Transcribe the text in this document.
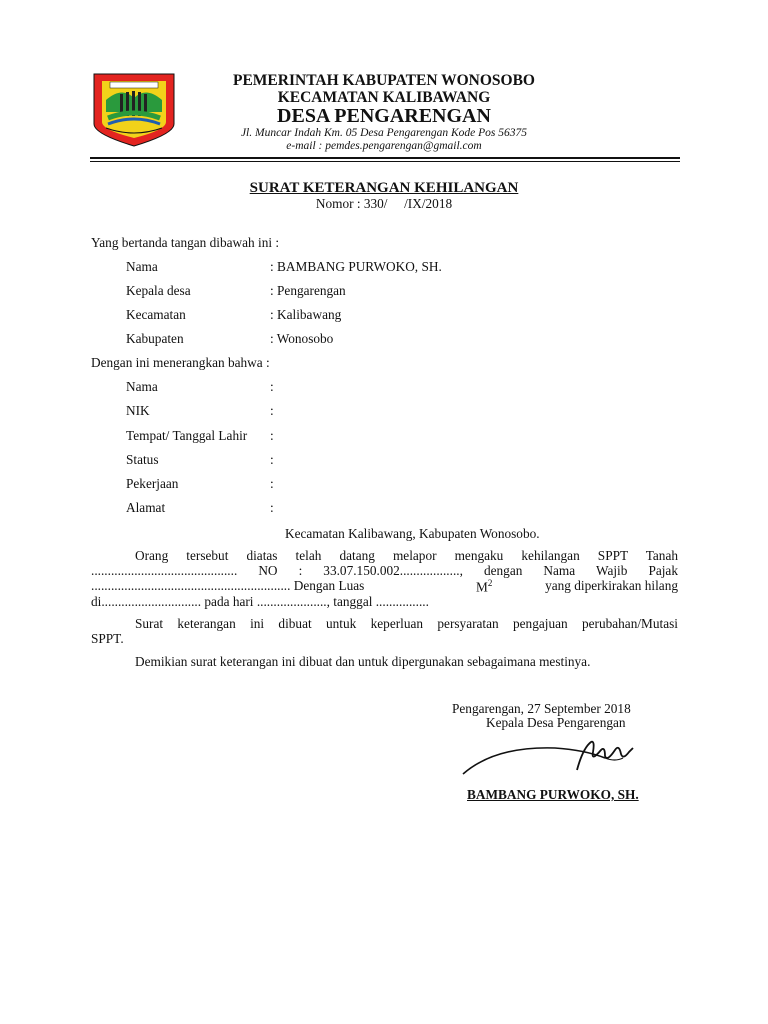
PEMERINTAH KABUPATEN WONOSOBO
KECAMATAN KALIBAWANG
DESA PENGARENGAN
Jl. Muncar Indah Km. 05 Desa Pengarengan Kode Pos 56375
e-mail : pemdes.pengarengan@gmail.com
SURAT KETERANGAN KEHILANGAN
Nomor : 330/     /IX/2018
Yang bertanda tangan dibawah ini :
Nama	: BAMBANG PURWOKO, SH.
Kepala desa	: Pengarengan
Kecamatan	: Kalibawang
Kabupaten	: Wonosobo
Dengan ini menerangkan bahwa :
Nama	:
NIK	:
Tempat/ Tanggal Lahir :
Status	:
Pekerjaan	:
Alamat	:
Kecamatan Kalibawang, Kabupaten Wonosobo.
Orang tersebut diatas telah datang melapor mengaku kehilangan SPPT Tanah
............................................ NO : 33.07.150.002.................., dengan Nama Wajib Pajak
............................................................ Dengan Luas	$M^2$	yang diperkirakan hilang
di.............................. pada hari ....................., tanggal ................
Surat keterangan ini dibuat untuk keperluan persyaratan pengajuan perubahan/Mutasi
SPPT.
Demikian surat keterangan ini dibuat dan untuk dipergunakan sebagaimana mestinya.
Pengarengan, 27 September 2018
Kepala Desa Pengarengan
BAMBANG PURWOKO, SH.
